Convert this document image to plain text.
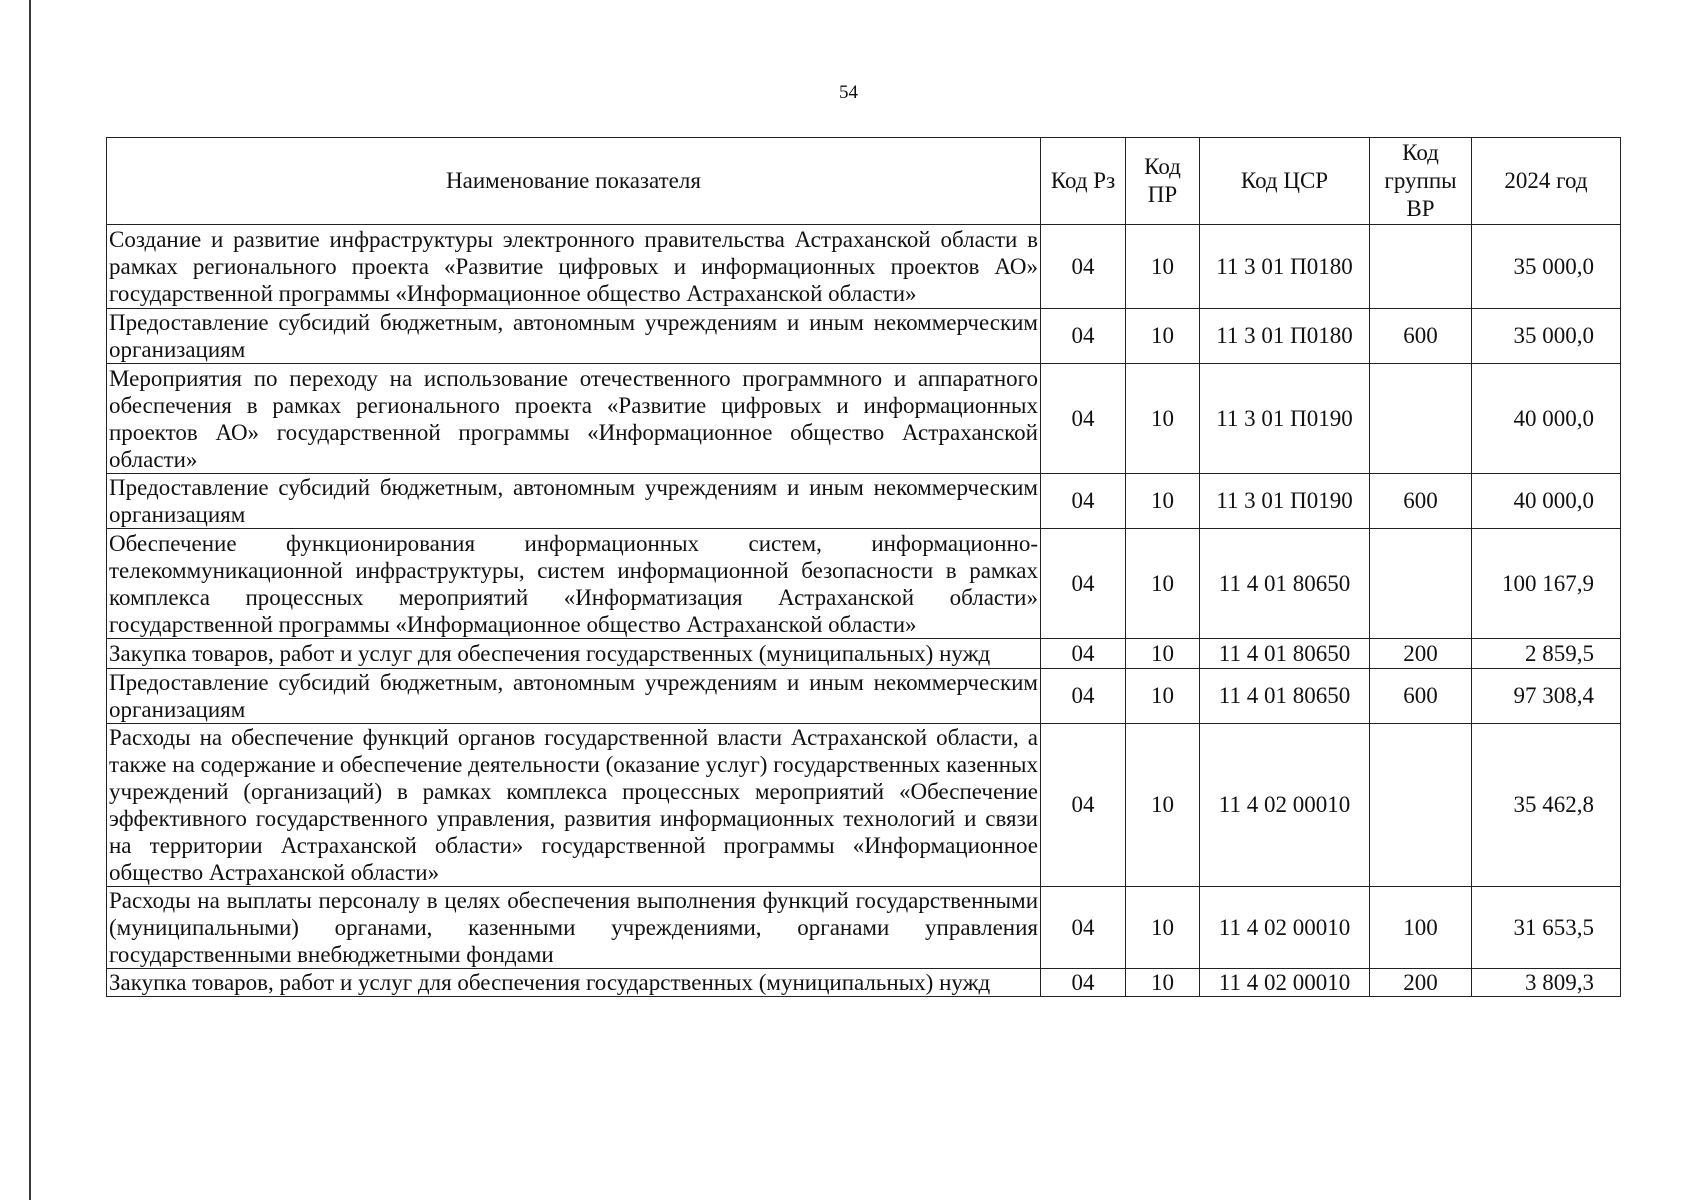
54
Наименование показателя	Код Рз	Код ПР	Код ЦСР	Код группы ВР	2024 год
Создание и развитие инфраструктуры электронного правительства Астраханской области в рамках регионального проекта «Развитие цифровых и информационных проектов АО» государственной программы «Информационное общество Астраханской области»	04	10	11 3 01 П0180		35 000,0
Предоставление субсидий бюджетным, автономным учреждениям и иным некоммерческим организациям	04	10	11 3 01 П0180	600	35 000,0
Мероприятия по переходу на использование отечественного программного и аппаратного обеспечения в рамках регионального проекта «Развитие цифровых и информационных проектов АО» государственной программы «Информационное общество Астраханской области»	04	10	11 3 01 П0190		40 000,0
Предоставление субсидий бюджетным, автономным учреждениям и иным некоммерческим организациям	04	10	11 3 01 П0190	600	40 000,0
Обеспечение функционирования информационных систем, информационно-телекоммуникационной инфраструктуры, систем информационной безопасности в рамках комплекса процессных мероприятий «Информатизация Астраханской области» государственной программы «Информационное общество Астраханской области»	04	10	11 4 01 80650		100 167,9
Закупка товаров, работ и услуг для обеспечения государственных (муниципальных) нужд	04	10	11 4 01 80650	200	2 859,5
Предоставление субсидий бюджетным, автономным учреждениям и иным некоммерческим организациям	04	10	11 4 01 80650	600	97 308,4
Расходы на обеспечение функций органов государственной власти Астраханской области, а также на содержание и обеспечение деятельности (оказание услуг) государственных казенных учреждений (организаций) в рамках комплекса процессных мероприятий «Обеспечение эффективного государственного управления, развития информационных технологий и связи на территории Астраханской области» государственной программы «Информационное общество Астраханской области»	04	10	11 4 02 00010		35 462,8
Расходы на выплаты персоналу в целях обеспечения выполнения функций государственными (муниципальными) органами, казенными учреждениями, органами управления государственными внебюджетными фондами	04	10	11 4 02 00010	100	31 653,5
Закупка товаров, работ и услуг для обеспечения государственных (муниципальных) нужд	04	10	11 4 02 00010	200	3 809,3
